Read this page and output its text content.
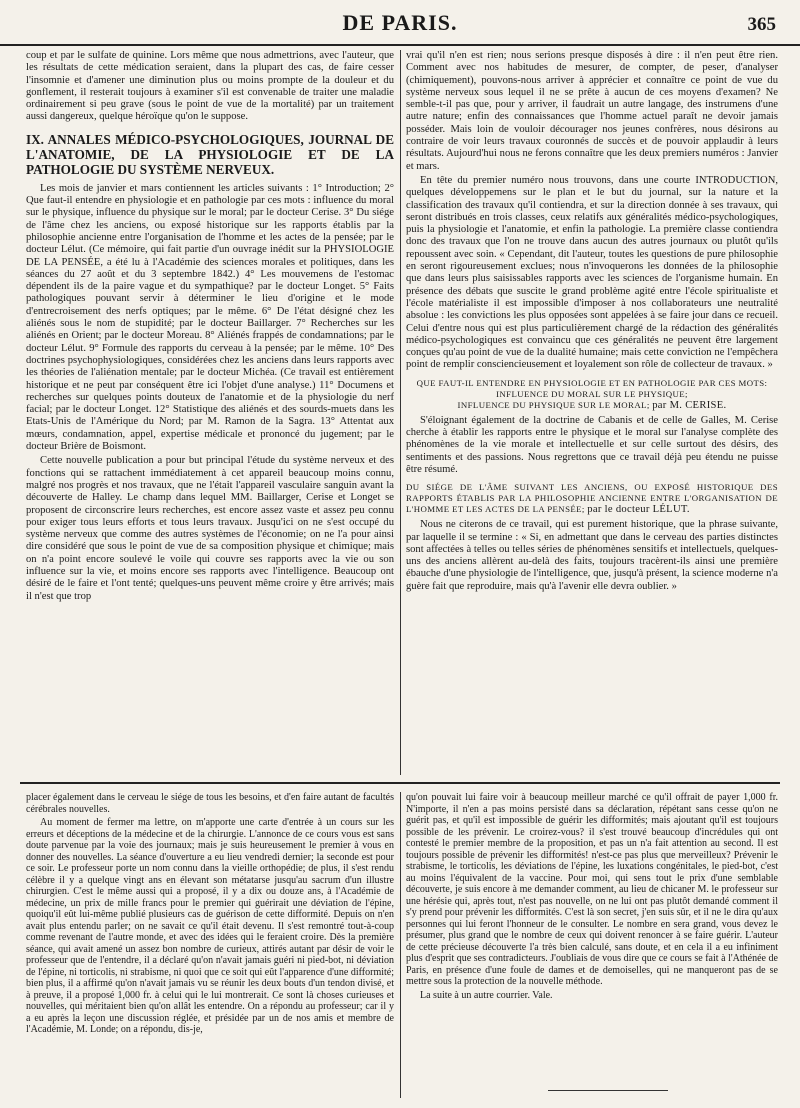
DE PARIS.	365

coup et par le sulfate de quinine. Lors même que nous admettrions, avec l'auteur, que les résultats de cette médication seraient, dans la plupart des cas, de faire cesser l'insomnie et d'amener une diminution plus ou moins prompte de la douleur et du gonflement, il resterait toujours à examiner s'il est convenable de traiter une maladie ordinairement si peu grave (sous le point de vue de la mortalité) par un traitement aussi dangereux, quelque héroïque qu'on le suppose.

IX. ANNALES MÉDICO-PSYCHOLOGIQUES, JOURNAL DE L'ANATOMIE, DE LA PHYSIOLOGIE ET DE LA PATHOLOGIE DU SYSTÈME NERVEUX.

Les mois de janvier et mars contiennent les articles suivants : 1° Introduction; 2° Que faut-il entendre en physiologie et en pathologie par ces mots : influence du moral sur le physique, influence du physique sur le moral; par le docteur Cerise. 3° Du siége de l'âme chez les anciens, ou exposé historique sur les rapports établis par la philosophie ancienne entre l'organisation de l'homme et les actes de la pensée; par le docteur Lélut. (Ce mémoire, qui fait partie d'un ouvrage inédit sur la PHYSIOLOGIE DE LA PENSÉE, a été lu à l'Académie des sciences morales et politiques, dans les séances du 27 août et du 3 septembre 1842.) 4° Les mouvemens de l'estomac dépendent ils de la paire vague et du sympathique? par le docteur Longet. 5° Faits pathologiques pouvant servir à déterminer le lieu d'origine et le mode d'entrecroisement des nerfs optiques; par le même. 6° De l'état désigné chez les aliénés sous le nom de stupidité; par le docteur Baillarger. 7° Recherches sur les aliénés en Orient; par le docteur Moreau. 8° Aliénés frappés de condamnations; par le docteur Lélut. 9° Formule des rapports du cerveau à la pensée; par le même. 10° Des doctrines psychophysiologiques, considérées chez les anciens dans leurs rapports avec les théories de l'aliénation mentale; par le docteur Michéa. (Ce travail est entièrement historique et ne peut par conséquent être ici l'objet d'une analyse.) 11° Documens et recherches sur quelques points douteux de l'anatomie et de la physiologie du nerf facial; par le docteur Longet. 12° Statistique des aliénés et des sourds-muets dans les Etats-Unis de l'Amérique du Nord; par M. Ramon de la Sagra. 13° Attentat aux mœurs, condamnation, appel, expertise médicale et prononcé du jugement; par le docteur Brière de Boismont.

Cette nouvelle publication a pour but principal l'étude du système nerveux et des fonctions qui se rattachent immédiatement à cet appareil beaucoup moins connu, malgré nos progrès et nos travaux, que ne l'était l'appareil vasculaire sanguin avant la découverte de Halley. Le champ dans lequel MM. Baillarger, Cerise et Longet se proposent de circonscrire leurs recherches, est encore assez vaste et assez peu connu pour exiger tous leurs efforts et tous leurs travaux. Jusqu'ici on ne s'est occupé du système nerveux que comme des autres systèmes de l'économie; on ne l'a pour ainsi dire considéré que sous le point de vue de sa composition physique et chimique; mais on n'a point encore soulevé le voile qui couvre ses rapports avec la vie ou son influence sur la vie, et moins encore ses rapports avec l'intelligence. Beaucoup ont désiré de le faire et l'ont tenté; quelques-uns peuvent même croire y être arrivés; mais il n'est que trop

vrai qu'il n'en est rien; nous serions presque disposés à dire : il n'en peut être rien. Comment avec nos habitudes de mesurer, de compter, de peser, d'analyser (chimiquement), pouvons-nous arriver à apprécier et connaître ce point de vue du système nerveux sous lequel il ne se prête à aucun de ces moyens d'examen? Ne semble-t-il pas que, pour y arriver, il faudrait un autre langage, des instrumens d'une autre nature; enfin des connaissances que l'homme actuel paraît ne devoir jamais posséder. Mais loin de vouloir décourager nos jeunes confrères, nous désirons au contraire de voir leurs travaux couronnés de succès et de pouvoir applaudir à leurs résultats. Aujourd'hui nous ne ferons connaître que les deux premiers numéros : Janvier et mars.

En tête du premier numéro nous trouvons, dans une courte INTRODUCTION, quelques développemens sur le plan et le but du journal, sur la nature et la classification des travaux qu'il contiendra, et sur la direction donnée à ses travaux, qui seront distribués en trois classes, ceux relatifs aux généralités médico-psychologiques, puis la physiologie et l'anatomie, et enfin la pathologie. La première classe contiendra donc des travaux que l'on ne trouve dans aucun des autres journaux ou plutôt qu'ils repoussent avec soin. « Cependant, dit l'auteur, toutes les questions de pure philosophie en seront rigoureusement exclues; nous n'invoquerons les données de la philosophie que dans leurs plus saisissables rapports avec les sciences de l'organisme humain. En présence des débats que suscite le grand problème agité entre l'école spiritualiste et l'école matérialiste il est impossible d'imposer à nos collaborateurs une neutralité absolue : les convictions les plus opposées sont appelées à se faire jour dans ce recueil. Celui d'entre nous qui est plus particulièrement chargé de la rédaction des généralités médico-psychologiques est convaincu que ces généralités ne peuvent être largement conçues qu'au point de vue de la dualité humaine; mais cette conviction ne l'empêchera point de remplir consciencieusement et loyalement son rôle de collecteur de travaux. »

QUE FAUT-IL ENTENDRE EN PHYSIOLOGIE ET EN PATHOLOGIE PAR CES MOTS:
INFLUENCE DU MORAL SUR LE PHYSIQUE;
INFLUENCE DU PHYSIQUE SUR LE MORAL; par M. CERISE.

S'éloignant également de la doctrine de Cabanis et de celle de Galles, M. Cerise cherche à établir les rapports entre le physique et le moral sur l'analyse complète des phénomènes de la vie morale et intellectuelle et sur celle surtout des désirs, des sentiments et des passions. Nous regrettons que ce travail déjà peu étendu ne puisse être résumé.

DU SIÉGE DE L'ÂME SUIVANT LES ANCIENS, OU EXPOSÉ HISTORIQUE DES RAPPORTS ÉTABLIS PAR LA PHILOSOPHIE ANCIENNE ENTRE L'ORGANISATION DE L'HOMME ET LES ACTES DE LA PENSÉE; par le docteur LÉLUT.

Nous ne citerons de ce travail, qui est purement historique, que la phrase suivante, par laquelle il se termine : « Si, en admettant que dans le cerveau des parties distinctes sont affectées à telles ou telles séries de phénomènes sensitifs et intellectuels, quelques-uns des anciens allèrent au-delà des faits, toujours tracèrent-ils ainsi une première ébauche d'une physiologie de l'intelligence, que, jusqu'à présent, la science moderne n'a guère fait que reproduire, mais qu'à l'avenir elle devra oublier. »

placer également dans le cerveau le siége de tous les besoins, et d'en faire autant de facultés cérébrales nouvelles.

Au moment de fermer ma lettre, on m'apporte une carte d'entrée à un cours sur les erreurs et déceptions de la médecine et de la chirurgie. L'annonce de ce cours vous est sans doute parvenue par la voie des journaux; mais je suis heureusement le premier à vous en donner des nouvelles. La séance d'ouverture a eu lieu vendredi dernier; la seconde est pour ce soir. Le professeur porte un nom connu dans la vieille orthopédie; de plus, il s'est rendu célèbre il y a quelque vingt ans en élevant son métatarse jusqu'au sacrum d'un illustre chirurgien. C'est le même aussi qui a proposé, il y a dix ou douze ans, à l'Académie de médecine, un prix de mille francs pour le premier qui guérirait une déviation de l'épine, quoiqu'il eût lui-même publié plusieurs cas de guérison de cette difformité. Depuis on n'en avait plus entendu parler; on ne savait ce qu'il était devenu. Il s'est remontré tout-à-coup comme revenant de l'autre monde, et avec des idées qui le feraient croire. Dès la première séance, qui avait amené un assez bon nombre de curieux, attirés autant par désir de voir le professeur que de l'entendre, il a déclaré qu'on n'avait jamais guéri ni pied-bot, ni déviation de l'épine, ni torticolis, ni strabisme, ni quoi que ce soit qui eût l'apparence d'une difformité; bien plus, il a affirmé qu'on n'avait jamais vu se réunir les deux bouts d'un tendon divisé, et à preuve, il a proposé 1,000 fr. à celui qui le lui montrerait. Ce sont là choses curieuses et nouvelles, qui méritaient bien qu'on allât les entendre. On a répondu au professeur; car il y a eu après la leçon une discussion réglée, et présidée par un de nos amis et membre de l'Académie, M. Londe; on a répondu, dis-je,

qu'on pouvait lui faire voir à beaucoup meilleur marché ce qu'il offrait de payer 1,000 fr. N'importe, il n'en a pas moins persisté dans sa déclaration, répétant sans cesse qu'on ne guérit pas, et qu'il est impossible de guérir les difformités; mais ajoutant qu'il est toujours possible de les prévenir. Le croirez-vous? il s'est trouvé beaucoup d'incrédules qui ont contesté le premier membre de la proposition, et pas un n'a fait attention au second. Il est toujours possible de prévenir les difformités! n'est-ce pas plus que merveilleux? Prévenir le strabisme, le torticolis, les déviations de l'épine, les luxations congénitales, le pied-bot, c'est au moins l'équivalent de la vaccine. Pour moi, qui sens tout le prix d'une semblable découverte, je suis encore à me demander comment, au lieu de chicaner M. le professeur sur une hérésie qui, après tout, n'est pas nouvelle, on ne lui ont pas plutôt demandé comment il s'y prend pour prévenir les difformités. C'est là son secret, j'en suis sûr, et il ne le dira qu'aux personnes qui lui feront l'honneur de le consulter. Le nombre en sera grand, vous devez le présumer, plus grand que le nombre de ceux qui doivent renoncer à se faire guérir. L'auteur de cette précieuse découverte l'a très bien calculé, sans doute, et en cela il a eu infiniment plus d'esprit que ses contradicteurs. J'oubliais de vous dire que ce cours se fait à l'Athénée de Paris, en présence d'une foule de dames et de demoiselles, qui ne manqueront pas de se mettre sous la protection de la nouvelle méthode.

La suite à un autre courrier. Vale.
